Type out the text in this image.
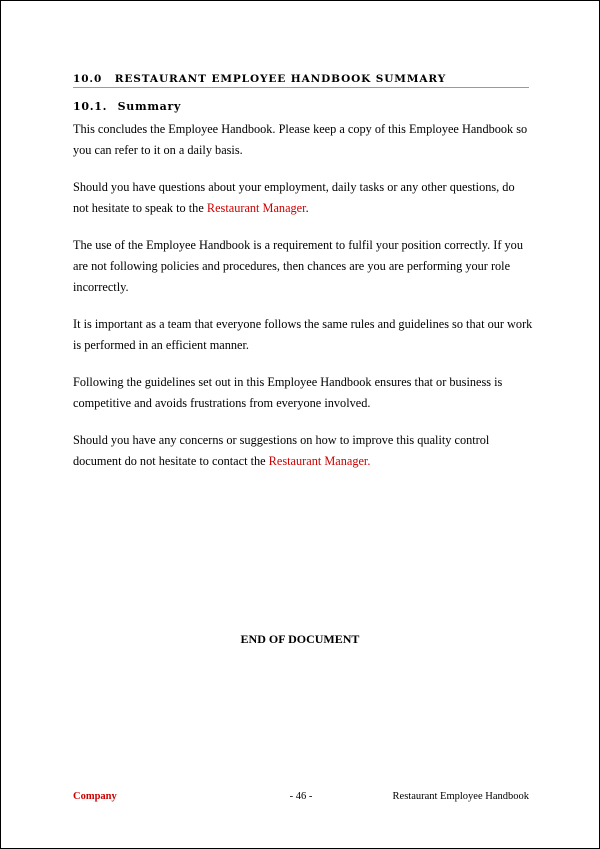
10.0 RESTAURANT EMPLOYEE HANDBOOK SUMMARY
10.1. Summary

This concludes the Employee Handbook. Please keep a copy of this Employee Handbook so you can refer to it on a daily basis.

Should you have questions about your employment, daily tasks or any other questions, do not hesitate to speak to the Restaurant Manager.

The use of the Employee Handbook is a requirement to fulfil your position correctly. If you are not following policies and procedures, then chances are you are performing your role incorrectly.

It is important as a team that everyone follows the same rules and guidelines so that our work is performed in an efficient manner.

Following the guidelines set out in this Employee Handbook ensures that or business is competitive and avoids frustrations from everyone involved.

Should you have any concerns or suggestions on how to improve this quality control document do not hesitate to contact the Restaurant Manager.

END OF DOCUMENT
Company	- 46 -	Restaurant Employee Handbook
